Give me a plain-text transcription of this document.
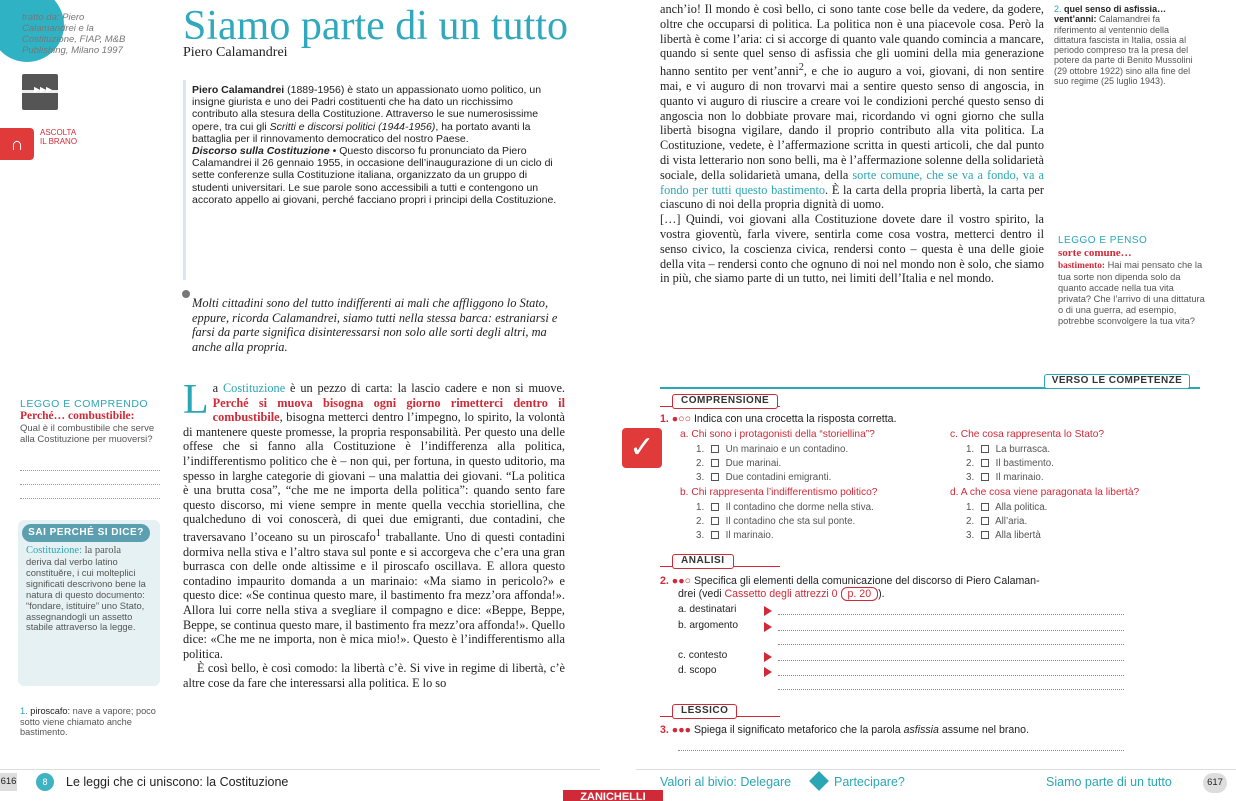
tratto da: Piero
Calamandrei e la
Costituzione, FIAP, M&B
Publishing, Milano 1997
Siamo parte di un tutto
Piero Calamandrei
▸▸▸
∩
ASCOLTA
IL BRANO
Piero Calamandrei (1889-1956) è stato un appassionato uomo politico, un insigne giurista e uno dei Padri costituenti che ha dato un ricchissimo contributo alla stesura della Costituzione. Attraverso le sue numerosissime opere, tra cui gli Scritti e discorsi politici (1944-1956), ha portato avanti la battaglia per il rinnovamento democratico del nostro Paese.
Discorso sulla Costituzione • Questo discorso fu pronunciato da Piero Calamandrei il 26 gennaio 1955, in occasione dell’inaugurazione di un ciclo di sette conferenze sulla Costituzione italiana, organizzato da un gruppo di studenti universitari. Le sue parole sono accessibili a tutti e contengono un accorato appello ai giovani, perché facciano propri i principi della Costituzione.
Molti cittadini sono del tutto indifferenti ai mali che affliggono lo Stato, eppure, ricorda Calamandrei, siamo tutti nella stessa barca: estraniarsi e farsi da parte significa disinteressarsi non solo alle sorti degli altri, ma anche alla propria.
LEGGO E COMPRENDO
Perché… combustibile:
Qual è il combustibile che serve alla Costituzione per muoversi?
SAI PERCHÉ SI DICE?
Costituzione: la parola
deriva dal verbo latino constituĕre, i cui molteplici significati descrivono bene la natura di questo documento: “fondare, istituire” uno Stato, assegnandogli un assetto stabile attraverso la legge.
1. piroscafo: nave a vapore; poco sotto viene chiamato anche bastimento.
La Costituzione è un pezzo di carta: la lascio cadere e non si muove. Perché si muova bisogna ogni giorno rimetterci dentro il combustibile, bisogna metterci dentro l’impegno, lo spirito, la volontà di mantenere queste promesse, la propria responsabilità. Per questo una delle offese che si fanno alla Costituzione è l’indifferenza alla politica, l’indifferentismo politico che è – non qui, per fortuna, in questo uditorio, ma spesso in larghe categorie di giovani – una malattia dei giovani. “La politica è una brutta cosa”, “che me ne importa della politica”: quando sento fare questo discorso, mi viene sempre in mente quella vecchia storiellina, che qualcheduno di voi conoscerà, di quei due emigranti, due contadini, che traversavano l’oceano su un piroscafo$^1$ traballante. Uno di questi contadini dormiva nella stiva e l’altro stava sul ponte e si accorgeva che c’era una gran burrasca con delle onde altissime e il piroscafo oscillava. E allora questo contadino impaurito domanda a un marinaio: «Ma siamo in pericolo?» e questo dice: «Se continua questo mare, il bastimento fra mezz’ora affonda!». Allora lui corre nella stiva a svegliare il compagno e dice: «Beppe, Beppe, Beppe, se continua questo mare, il bastimento fra mezz’ora affonda!». Quello dice: «Che me ne importa, non è mica mio!». Questo è l’indifferentismo alla politica.
È così bello, è così comodo: la libertà c’è. Si vive in regime di libertà, c’è altre cose da fare che interessarsi alla politica. E lo so
616	8	Le leggi che ci uniscono: la Costituzione
ZANICHELLI
anch’io! Il mondo è così bello, ci sono tante cose belle da vedere, da godere, oltre che occuparsi di politica. La politica non è una piacevole cosa. Però la libertà è come l’aria: ci si accorge di quanto vale quando comincia a mancare, quando si sente quel senso di asfissia che gli uomini della mia generazione hanno sentito per vent’anni$^2$, e che io auguro a voi, giovani, di non sentire mai, e vi auguro di non trovarvi mai a sentire questo senso di angoscia, in quanto vi auguro di riuscire a creare voi le condizioni perché questo senso di angoscia non lo dobbiate provare mai, ricordando vi ogni giorno che sulla libertà bisogna vigilare, dando il proprio contributo alla vita politica. La Costituzione, vedete, è l’affermazione scritta in questi articoli, che dal punto di vista letterario non sono belli, ma è l’affermazione solenne della solidarietà sociale, della solidarietà umana, della sorte comune, che se va a fondo, va a fondo per tutti questo bastimento. È la carta della propria libertà, la carta per ciascuno di noi della propria dignità di uomo.
[…] Quindi, voi giovani alla Costituzione dovete dare il vostro spirito, la vostra gioventù, farla vivere, sentirla come cosa vostra, metterci dentro il senso civico, la coscienza civica, rendersi conto – questa è una delle gioie della vita – rendersi conto che ognuno di noi nel mondo non è solo, che siamo in più, che siamo parte di un tutto, nei limiti dell’Italia e nel mondo.
2. quel senso di asfissia… vent’anni: Calamandrei fa riferimento al ventennio della dittatura fascista in Italia, ossia al periodo compreso tra la presa del potere da parte di Benito Mussolini (29 ottobre 1922) sino alla fine del suo regime (25 luglio 1943).
LEGGO E PENSO
sorte comune…
bastimento: Hai mai pensato che la tua sorte non dipenda solo da quanto accade nella tua vita privata? Che l’arrivo di una dittatura o di una guerra, ad esempio, potrebbe sconvolgere la tua vita?
VERSO LE COMPETENZE
COMPRENSIONE
✓
1. ●○○ Indica con una crocetta la risposta corretta.
a. Chi sono i protagonisti della “storiellina”?
1.  Un marinaio e un contadino.
2.  Due marinai.
3.  Due contadini emigranti.
b. Chi rappresenta l’indifferentismo politico?
1.  Il contadino che dorme nella stiva.
2.  Il contadino che sta sul ponte.
3.  Il marinaio.
c. Che cosa rappresenta lo Stato?
1.  La burrasca.
2.  Il bastimento.
3.  Il marinaio.
d. A che cosa viene paragonata la libertà?
1.  Alla politica.
2.  All’aria.
3.  Alla libertà
ANALISI
2. ●●○ Specifica gli elementi della comunicazione del discorso di Piero Calaman-
drei (vedi Cassetto degli attrezzi 0 p. 20 ).
a. destinatari
b. argomento
c. contesto
d. scopo
LESSICO
3. ●●● Spiega il significato metaforico che la parola asfissia assume nel brano.
Valori al bivio: Delegare	Partecipare?	Siamo parte di un tutto	617
